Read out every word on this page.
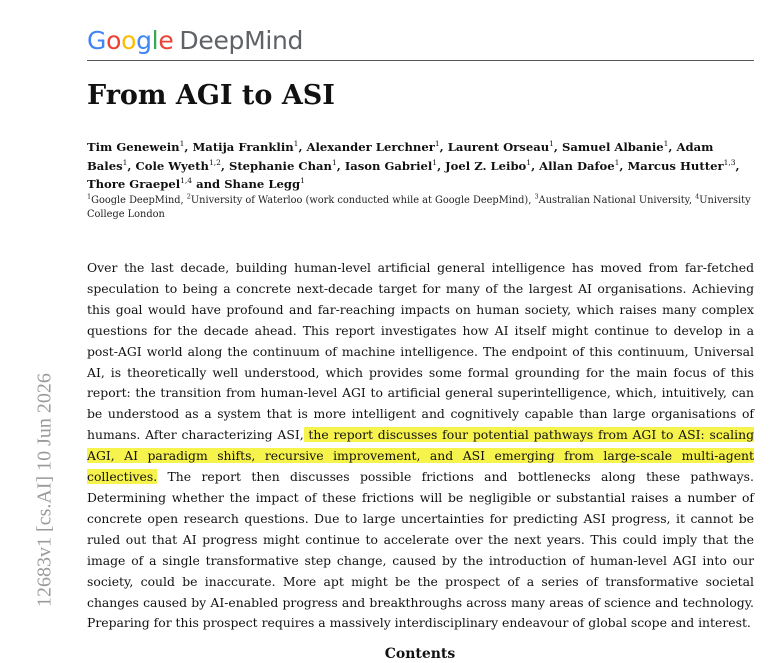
Google DeepMind
From AGI to ASI
Tim Genewein$^1$, Matija Franklin$^1$, Alexander Lerchner$^1$, Laurent Orseau$^1$, Samuel Albanie$^1$, Adam Bales$^1$, Cole Wyeth$^{1,2}$, Stephanie Chan$^1$, Iason Gabriel$^1$, Joel Z. Leibo$^1$, Allan Dafoe$^1$, Marcus Hutter$^{1,3}$, Thore Graepel$^{1,4}$ and Shane Legg$^1$
$^1$Google DeepMind, $^2$University of Waterloo (work conducted while at Google DeepMind), $^3$Australian National University, $^4$University College London

Over the last decade, building human-level artificial general intelligence has moved from far-fetched speculation to being a concrete next-decade target for many of the largest AI organisations. Achieving this goal would have profound and far-reaching impacts on human society, which raises many complex questions for the decade ahead. This report investigates how AI itself might continue to develop in a post-AGI world along the continuum of machine intelligence. The endpoint of this continuum, Universal AI, is theoretically well understood, which provides some formal grounding for the main focus of this report: the transition from human-level AGI to artificial general superintelligence, which, intuitively, can be understood as a system that is more intelligent and cognitively capable than large organisations of humans. After characterizing ASI, the report discusses four potential pathways from AGI to ASI: scaling AGI, AI paradigm shifts, recursive improvement, and ASI emerging from large-scale multi-agent collectives. The report then discusses possible frictions and bottlenecks along these pathways. Determining whether the impact of these frictions will be negligible or substantial raises a number of concrete open research questions. Due to large uncertainties for predicting ASI progress, it cannot be ruled out that AI progress might continue to accelerate over the next years. This could imply that the image of a single transformative step change, caused by the introduction of human-level AGI into our society, could be inaccurate. More apt might be the prospect of a series of transformative societal changes caused by AI-enabled progress and breakthroughs across many areas of science and technology. Preparing for this prospect requires a massively interdisciplinary endeavour of global scope and interest.

Contents
12683v1 [cs.AI] 10 Jun 2026
